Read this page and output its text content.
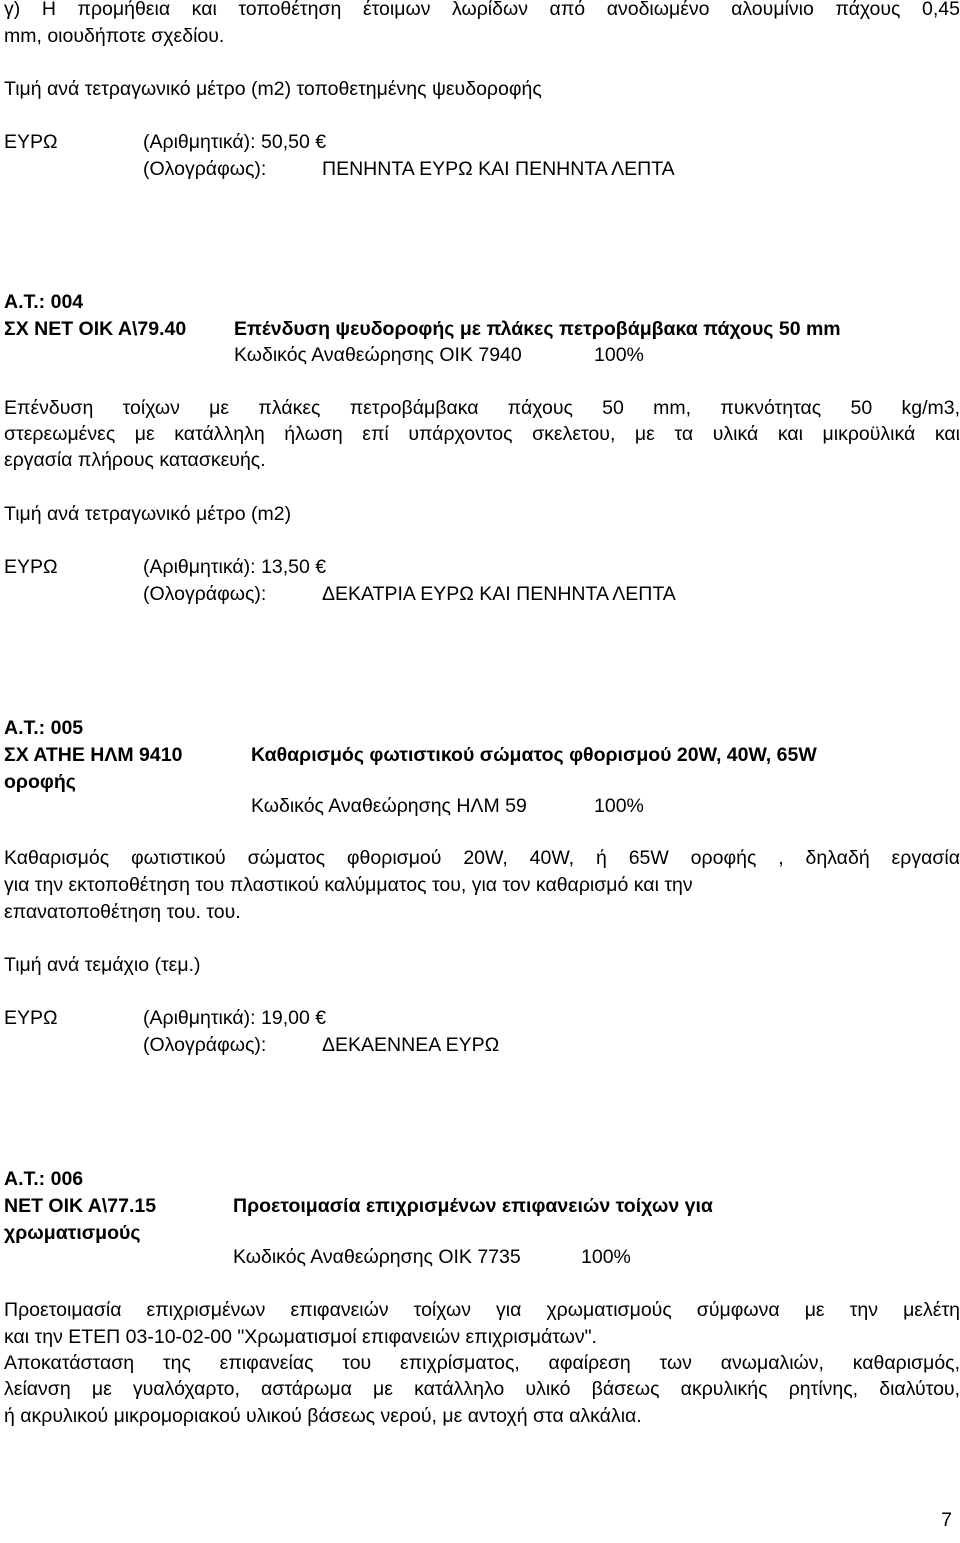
γ) Η προμήθεια και τοποθέτηση έτοιμων λωρίδων από ανοδιωμένο αλουμίνιο πάχους 0,45
mm, οιουδήποτε σχεδίου.
Τιμή ανά τετραγωνικό μέτρο (m2) τοποθετημένης ψευδοροφής
ΕΥΡΩ	(Αριθμητικά): 50,50 €
(Ολογράφως):	ΠΕΝΗΝΤΑ ΕΥΡΩ ΚΑΙ ΠΕΝΗΝΤΑ ΛΕΠΤΑ
Α.Τ.: 004
ΣΧ ΝΕΤ ΟΙΚ Α\79.40 Επένδυση ψευδοροφής με πλάκες πετροβάμβακα πάχους 50 mm
Κωδικός Αναθεώρησης ΟΙΚ 7940	100%
Επένδυση τοίχων με πλάκες πετροβάμβακα πάχους 50 mm, πυκνότητας 50 kg/m3,
στερεωμένες με κατάλληλη ήλωση επί υπάρχοντος σκελετου, με τα υλικά και μικροϋλικά και
εργασία πλήρους κατασκευής.
Τιμή ανά τετραγωνικό μέτρο (m2)
ΕΥΡΩ	(Αριθμητικά): 13,50 €
(Ολογράφως):	ΔΕΚΑΤΡΙΑ ΕΥΡΩ ΚΑΙ ΠΕΝΗΝΤΑ ΛΕΠΤΑ
Α.Τ.: 005
ΣΧ ΑΤΗΕ ΗΛΜ 9410	Καθαρισμός φωτιστικού σώματος φθορισμού 20W, 40W, 65W
οροφής
Κωδικός Αναθεώρησης ΗΛΜ 59	100%
Καθαρισμός φωτιστικού σώματος φθορισμού 20W, 40W, ή 65W οροφής , δηλαδή εργασία
για την εκτοποθέτηση του πλαστικού καλύμματος του, για τον καθαρισμό και την
επανατοποθέτηση του. του.
Τιμή ανά τεμάχιο (τεμ.)
ΕΥΡΩ	(Αριθμητικά): 19,00 €
(Ολογράφως):	ΔΕΚΑΕΝΝΕΑ ΕΥΡΩ
Α.Τ.: 006
ΝΕΤ ΟΙΚ Α\77.15	Προετοιμασία επιχρισμένων επιφανειών τοίχων για
χρωματισμούς
Κωδικός Αναθεώρησης ΟΙΚ 7735	100%
Προετοιμασία επιχρισμένων επιφανειών τοίχων για χρωματισμούς σύμφωνα με την μελέτη
και την ΕΤΕΠ 03-10-02-00 "Χρωματισμοί επιφανειών επιχρισμάτων".
Αποκατάσταση της επιφανείας του επιχρίσματος, αφαίρεση των ανωμαλιών, καθαρισμός,
λείανση με γυαλόχαρτο, αστάρωμα με κατάλληλο υλικό βάσεως ακρυλικής ρητίνης, διαλύτου,
ή ακρυλικού μικρομοριακού υλικού βάσεως νερού, με αντοχή στα αλκάλια.
7
